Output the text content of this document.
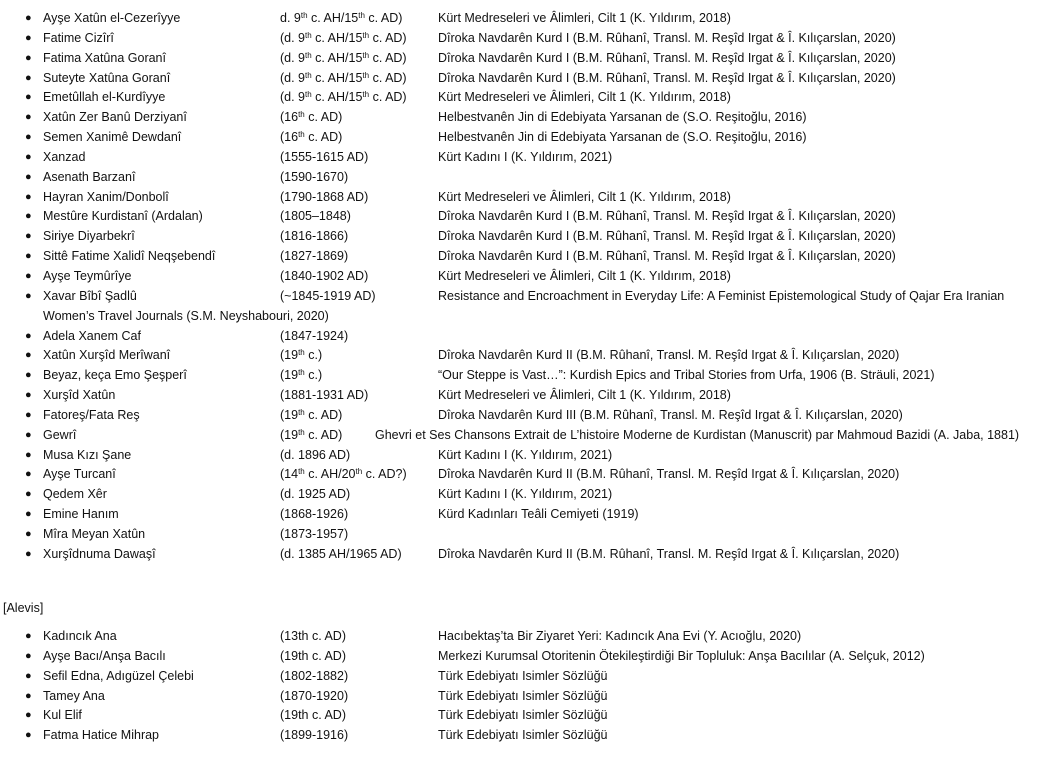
● Ayşe Xatûn el-Cezerîyye	d. 9th c. AH/15th c. AD)	Kürt Medreseleri ve Âlimleri, Cilt 1 (K. Yıldırım, 2018)
● Fatime Cizîrî	(d. 9th c. AH/15th c. AD)	Dîroka Navdarên Kurd I (B.M. Rûhanî, Transl. M. Reşîd Irgat & Î. Kılıçarslan, 2020)
● Fatima Xatûna Goranî	(d. 9th c. AH/15th c. AD)	Dîroka Navdarên Kurd I (B.M. Rûhanî, Transl. M. Reşîd Irgat & Î. Kılıçarslan, 2020)
● Suteyte Xatûna Goranî	(d. 9th c. AH/15th c. AD)	Dîroka Navdarên Kurd I (B.M. Rûhanî, Transl. M. Reşîd Irgat & Î. Kılıçarslan, 2020)
● Emetûllah el-Kurdîyye	(d. 9th c. AH/15th c. AD)	Kürt Medreseleri ve Âlimleri, Cilt 1 (K. Yıldırım, 2018)
● Xatûn Zer Banû Derziyanî	(16th c. AD)	Helbestvanên Jin di Edebiyata Yarsanan de (S.O. Reşitoğlu, 2016)
● Semen Xanimê Dewdanî	(16th c. AD)	Helbestvanên Jin di Edebiyata Yarsanan de (S.O. Reşitoğlu, 2016)
● Xanzad	(1555-1615 AD)	Kürt Kadını I (K. Yıldırım, 2021)
● Asenath Barzanî	(1590-1670)
● Hayran Xanim/Donbolî	(1790-1868 AD)	Kürt Medreseleri ve Âlimleri, Cilt 1 (K. Yıldırım, 2018)
● Mestûre Kurdistanî (Ardalan)	(1805–1848)	Dîroka Navdarên Kurd I (B.M. Rûhanî, Transl. M. Reşîd Irgat & Î. Kılıçarslan, 2020)
● Siriye Diyarbekrî	(1816-1866)	Dîroka Navdarên Kurd I (B.M. Rûhanî, Transl. M. Reşîd Irgat & Î. Kılıçarslan, 2020)
● Sittê Fatime Xalidî Neqşebendî	(1827-1869)	Dîroka Navdarên Kurd I (B.M. Rûhanî, Transl. M. Reşîd Irgat & Î. Kılıçarslan, 2020)
● Ayşe Teymûrîye	(1840-1902 AD)	Kürt Medreseleri ve Âlimleri, Cilt 1 (K. Yıldırım, 2018)
● Xavar Bîbî Şadlû	(~1845-1919 AD)	Resistance and Encroachment in Everyday Life: A Feminist Epistemological Study of Qajar Era Iranian
Women’s Travel Journals (S.M. Neyshabouri, 2020)
● Adela Xanem Caf	(1847-1924)
● Xatûn Xurşîd Merîwanî	(19th c.)	Dîroka Navdarên Kurd II (B.M. Rûhanî, Transl. M. Reşîd Irgat & Î. Kılıçarslan, 2020)
● Beyaz, keça Emo Şeşperî	(19th c.)	“Our Steppe is Vast…”: Kurdish Epics and Tribal Stories from Urfa, 1906 (B. Sträuli, 2021)
● Xurşîd Xatûn	(1881-1931 AD)	Kürt Medreseleri ve Âlimleri, Cilt 1 (K. Yıldırım, 2018)
● Fatoreş/Fata Reş	(19th c. AD)	Dîroka Navdarên Kurd III (B.M. Rûhanî, Transl. M. Reşîd Irgat & Î. Kılıçarslan, 2020)
● Gewrî	(19th c. AD)	Ghevri et Ses Chansons Extrait de L’histoire Moderne de Kurdistan (Manuscrit) par Mahmoud Bazidi (A. Jaba, 1881)
● Musa Kızı Şane	(d. 1896 AD)	Kürt Kadını I (K. Yıldırım, 2021)
● Ayşe Turcanî	(14th c. AH/20th c. AD?)	Dîroka Navdarên Kurd II (B.M. Rûhanî, Transl. M. Reşîd Irgat & Î. Kılıçarslan, 2020)
● Qedem Xêr	(d. 1925 AD)	Kürt Kadını I (K. Yıldırım, 2021)
● Emine Hanım	(1868-1926)	Kürd Kadınları Teâli Cemiyeti (1919)
● Mîra Meyan Xatûn	(1873-1957)
● Xurşîdnuma Dawaşî	(d. 1385 AH/1965 AD)	Dîroka Navdarên Kurd II (B.M. Rûhanî, Transl. M. Reşîd Irgat & Î. Kılıçarslan, 2020)
[Alevis]
● Kadıncık Ana	(13th c. AD)	Hacıbektaş’ta Bir Ziyaret Yeri: Kadıncık Ana Evi (Y. Acıoğlu, 2020)
● Ayşe Bacı/Anşa Bacılı	(19th c. AD)	Merkezi Kurumsal Otoritenin Ötekileştirdiği Bir Topluluk: Anşa Bacılılar (A. Selçuk, 2012)
● Sefil Edna, Adıgüzel Çelebi	(1802-1882)	Türk Edebiyatı Isimler Sözlüğü
● Tamey Ana	(1870-1920)	Türk Edebiyatı Isimler Sözlüğü
● Kul Elif	(19th c. AD)	Türk Edebiyatı Isimler Sözlüğü
● Fatma Hatice Mihrap	(1899-1916)	Türk Edebiyatı Isimler Sözlüğü
